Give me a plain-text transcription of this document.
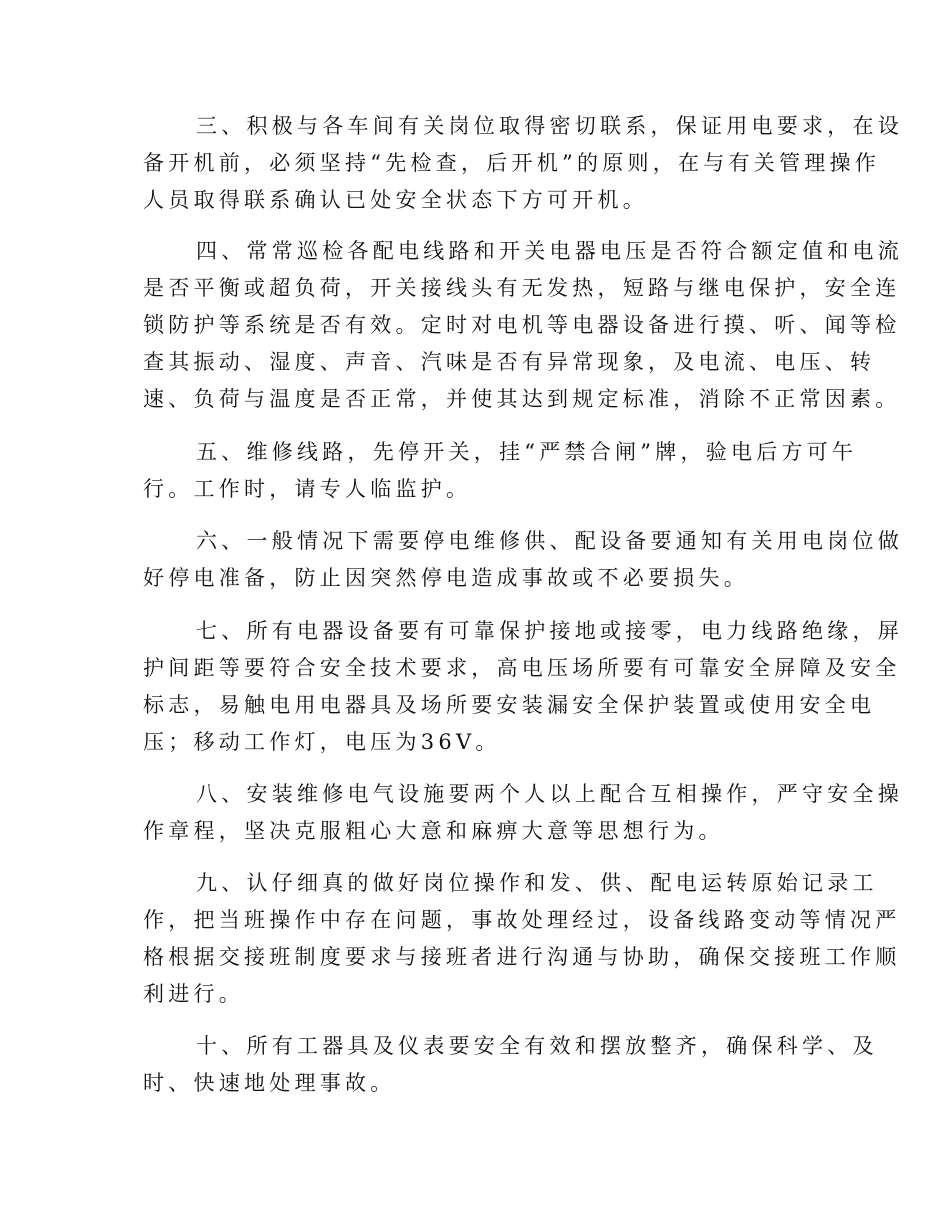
三、积极与各车间有关岗位取得密切联系，保证用电要求，在设
备开机前，必须坚持“先检查，后开机”的原则，在与有关管理操作
人员取得联系确认已处安全状态下方可开机。
四、常常巡检各配电线路和开关电器电压是否符合额定值和电流
是否平衡或超负荷，开关接线头有无发热，短路与继电保护，安全连
锁防护等系统是否有效。定时对电机等电器设备进行摸、听、闻等检
查其振动、湿度、声音、汽味是否有异常现象，及电流、电压、转
速、负荷与温度是否正常，并使其达到规定标准，消除不正常因素。
五、维修线路，先停开关，挂“严禁合闸”牌，验电后方可午
行。工作时，请专人临监护。
六、一般情况下需要停电维修供、配设备要通知有关用电岗位做
好停电准备，防止因突然停电造成事故或不必要损失。
七、所有电器设备要有可靠保护接地或接零，电力线路绝缘，屏
护间距等要符合安全技术要求，高电压场所要有可靠安全屏障及安全
标志，易触电用电器具及场所要安装漏安全保护装置或使用安全电
压；移动工作灯，电压为36V。
八、安装维修电气设施要两个人以上配合互相操作，严守安全操
作章程，坚决克服粗心大意和麻痹大意等思想行为。
九、认仔细真的做好岗位操作和发、供、配电运转原始记录工
作，把当班操作中存在问题，事故处理经过，设备线路变动等情况严
格根据交接班制度要求与接班者进行沟通与协助，确保交接班工作顺
利进行。
十、所有工器具及仪表要安全有效和摆放整齐，确保科学、及
时、快速地处理事故。
